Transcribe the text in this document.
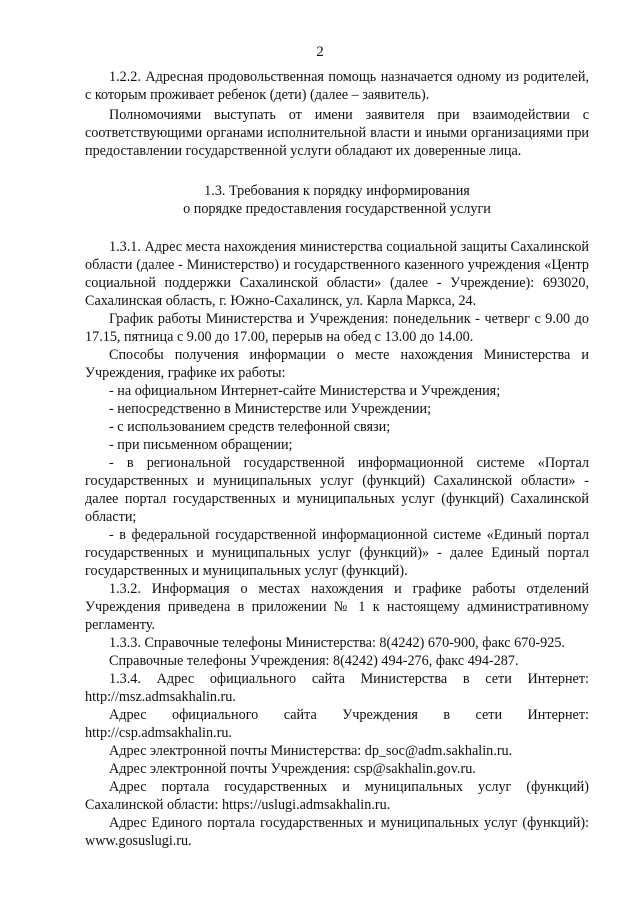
2

1.2.2. Адресная продовольственная помощь назначается одному из родителей, с которым проживает ребенок (дети) (далее – заявитель).

Полномочиями выступать от имени заявителя при взаимодействии с соответствующими органами исполнительной власти и иными организациями при предоставлении государственной услуги обладают их доверенные лица.

1.3. Требования к порядку информирования
о порядке предоставления государственной услуги

1.3.1. Адрес места нахождения министерства социальной защиты Сахалинской области (далее - Министерство) и государственного казенного учреждения «Центр социальной поддержки Сахалинской области» (далее - Учреждение): 693020, Сахалинская область, г. Южно-Сахалинск, ул. Карла Маркса, 24.

График работы Министерства и Учреждения: понедельник - четверг с 9.00 до 17.15, пятница с 9.00 до 17.00, перерыв на обед с 13.00 до 14.00.

Способы получения информации о месте нахождения Министерства и Учреждения, графике их работы:

- на официальном Интернет-сайте Министерства и Учреждения;

- непосредственно в Министерстве или Учреждении;

- с использованием средств телефонной связи;

- при письменном обращении;

- в региональной государственной информационной системе «Портал государственных и муниципальных услуг (функций) Сахалинской области» - далее портал государственных и муниципальных услуг (функций) Сахалинской области;

- в федеральной государственной информационной системе «Единый портал государственных и муниципальных услуг (функций)» - далее Единый портал государственных и муниципальных услуг (функций).

1.3.2. Информация о местах нахождения и графике работы отделений Учреждения приведена в приложении № 1 к настоящему административному регламенту.

1.3.3. Справочные телефоны Министерства: 8(4242) 670-900, факс 670-925.

Справочные телефоны Учреждения: 8(4242) 494-276, факс 494-287.

1.3.4. Адрес официального сайта Министерства в сети Интернет: http://msz.admsakhalin.ru.

Адрес официального сайта Учреждения в сети Интернет: http://csp.admsakhalin.ru.

Адрес электронной почты Министерства: dp_soc@adm.sakhalin.ru.

Адрес электронной почты Учреждения: csp@sakhalin.gov.ru.

Адрес портала государственных и муниципальных услуг (функций) Сахалинской области: https://uslugi.admsakhalin.ru.

Адрес Единого портала государственных и муниципальных услуг (функций): www.gosuslugi.ru.
